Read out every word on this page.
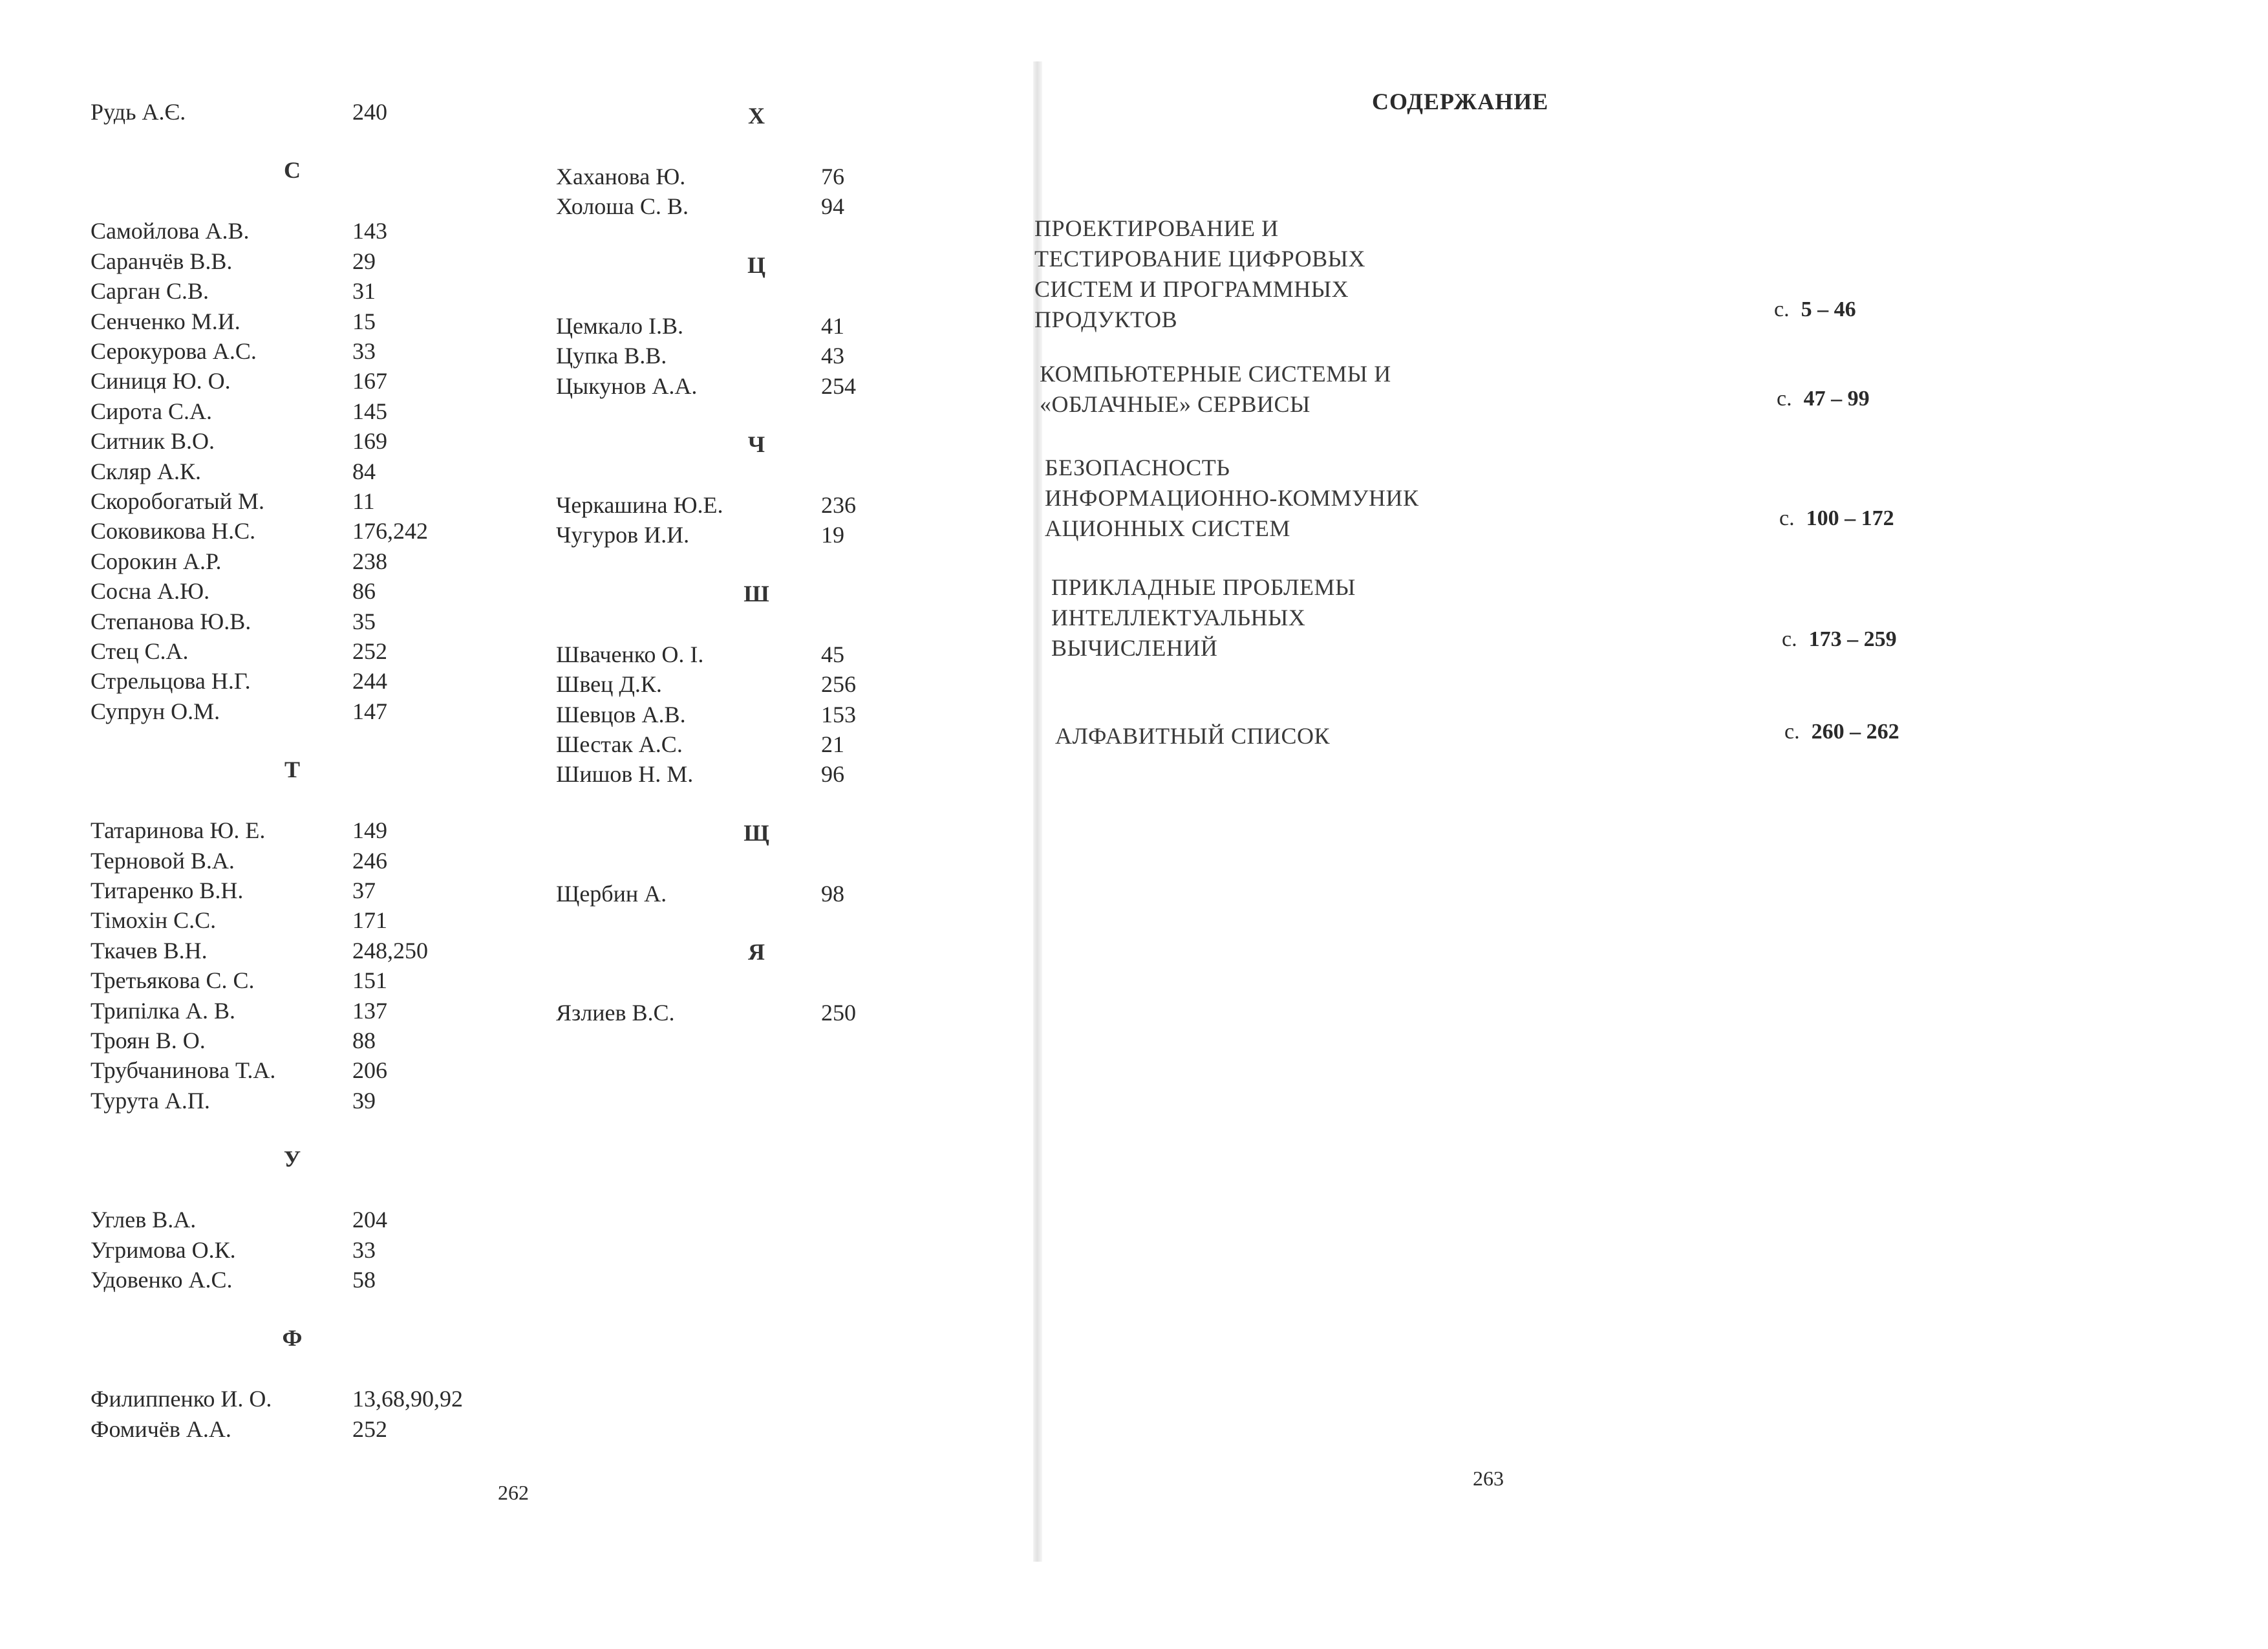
Рудь А.Є.	240
С
Самойлова А.В.	143
Саранчёв В.В.	29
Сарган С.В.	31
Сенченко М.И.	15
Серокурова А.С.	33
Синиця Ю. О.	167
Сирота С.А.	145
Ситник В.О.	169
Скляр А.К.	84
Скоробогатый М.	11
Соковикова Н.С.	176,242
Сорокин А.Р.	238
Сосна А.Ю.	86
Степанова Ю.В.	35
Стец С.А.	252
Стрельцова Н.Г.	244
Супрун О.М.	147
Т
Татаринова Ю. Е.	149
Терновой В.А.	246
Титаренко В.Н.	37
Тімохін С.С.	171
Ткачев В.Н.	248,250
Третьякова С. С.	151
Трипілка А. В.	137
Троян В. О.	88
Трубчанинова Т.А.	206
Турута А.П.	39
У
Углев В.А.	204
Угримова О.К.	33
Удовенко А.С.	58
Ф
Филиппенко И. О.	13,68,90,92
Фомичёв А.А.	252
Х
Хаханова Ю.	76
Холоша С. В.	94
Ц
Цемкало І.В.	41
Цупка В.В.	43
Цыкунов А.А.	254
Ч
Черкашина Ю.Е.	236
Чугуров И.И.	19
Ш
Шваченко О. І.	45
Швец Д.К.	256
Шевцов А.В.	153
Шестак А.С.	21
Шишов Н. М.	96
Щ
Щербин А.	98
Я
Язлиев В.С.	250
262
СОДЕРЖАНИЕ
ПРОЕКТИРОВАНИЕ И
ТЕСТИРОВАНИЕ ЦИФРОВЫХ
СИСТЕМ И ПРОГРАММНЫХ
ПРОДУКТОВ	с. 5 – 46
КОМПЬЮТЕРНЫЕ СИСТЕМЫ И
«ОБЛАЧНЫЕ» СЕРВИСЫ	с. 47 – 99
БЕЗОПАСНОСТЬ
ИНФОРМАЦИОННО-КОММУНИК
АЦИОННЫХ СИСТЕМ	с. 100 – 172
ПРИКЛАДНЫЕ ПРОБЛЕМЫ
ИНТЕЛЛЕКТУАЛЬНЫХ
ВЫЧИСЛЕНИЙ	с. 173 – 259
АЛФАВИТНЫЙ СПИСОК	с. 260 – 262
263
